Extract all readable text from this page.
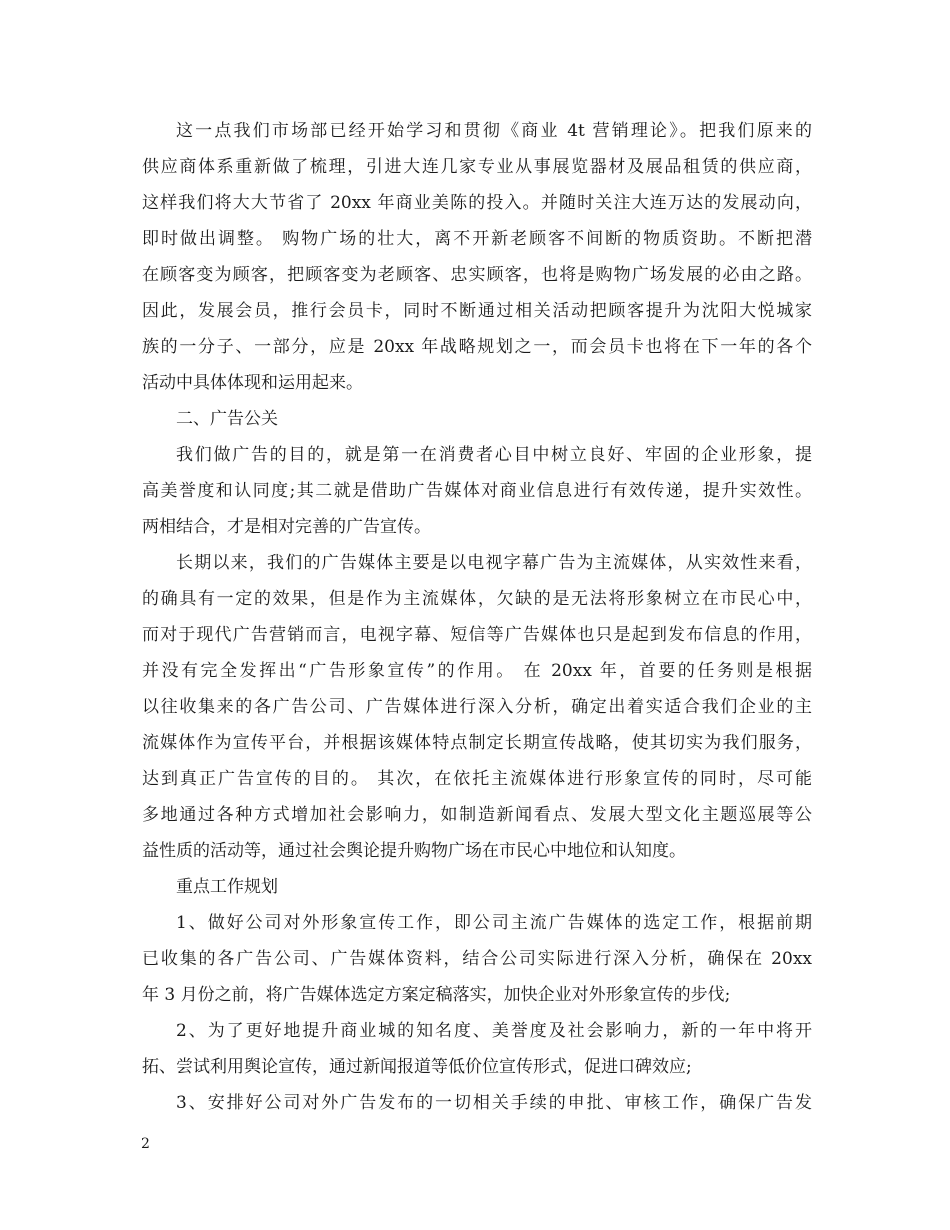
这一点我们市场部已经开始学习和贯彻《商业 4t 营销理论》。把我们原来的
供应商体系重新做了梳理，引进大连几家专业从事展览器材及展品租赁的供应商，
这样我们将大大节省了 20xx 年商业美陈的投入。并随时关注大连万达的发展动向，
即时做出调整。 购物广场的壮大，离不开新老顾客不间断的物质资助。不断把潜
在顾客变为顾客，把顾客变为老顾客、忠实顾客，也将是购物广场发展的必由之路。
因此，发展会员，推行会员卡，同时不断通过相关活动把顾客提升为沈阳大悦城家
族的一分子、一部分，应是 20xx 年战略规划之一，而会员卡也将在下一年的各个
活动中具体体现和运用起来。
二、广告公关
我们做广告的目的，就是第一在消费者心目中树立良好、牢固的企业形象，提
高美誉度和认同度;其二就是借助广告媒体对商业信息进行有效传递，提升实效性。
两相结合，才是相对完善的广告宣传。
长期以来，我们的广告媒体主要是以电视字幕广告为主流媒体，从实效性来看，
的确具有一定的效果，但是作为主流媒体，欠缺的是无法将形象树立在市民心中，
而对于现代广告营销而言，电视字幕、短信等广告媒体也只是起到发布信息的作用，
并没有完全发挥出“广告形象宣传”的作用。 在 20xx 年，首要的任务则是根据
以往收集来的各广告公司、广告媒体进行深入分析，确定出着实适合我们企业的主
流媒体作为宣传平台，并根据该媒体特点制定长期宣传战略，使其切实为我们服务，
达到真正广告宣传的目的。 其次，在依托主流媒体进行形象宣传的同时，尽可能
多地通过各种方式增加社会影响力，如制造新闻看点、发展大型文化主题巡展等公
益性质的活动等，通过社会舆论提升购物广场在市民心中地位和认知度。
重点工作规划
1、做好公司对外形象宣传工作，即公司主流广告媒体的选定工作，根据前期
已收集的各广告公司、广告媒体资料，结合公司实际进行深入分析，确保在 20xx
年 3 月份之前，将广告媒体选定方案定稿落实，加快企业对外形象宣传的步伐;
2、为了更好地提升商业城的知名度、美誉度及社会影响力，新的一年中将开
拓、尝试利用舆论宣传，通过新闻报道等低价位宣传形式，促进口碑效应;
3、安排好公司对外广告发布的一切相关手续的申批、审核工作，确保广告发
2
